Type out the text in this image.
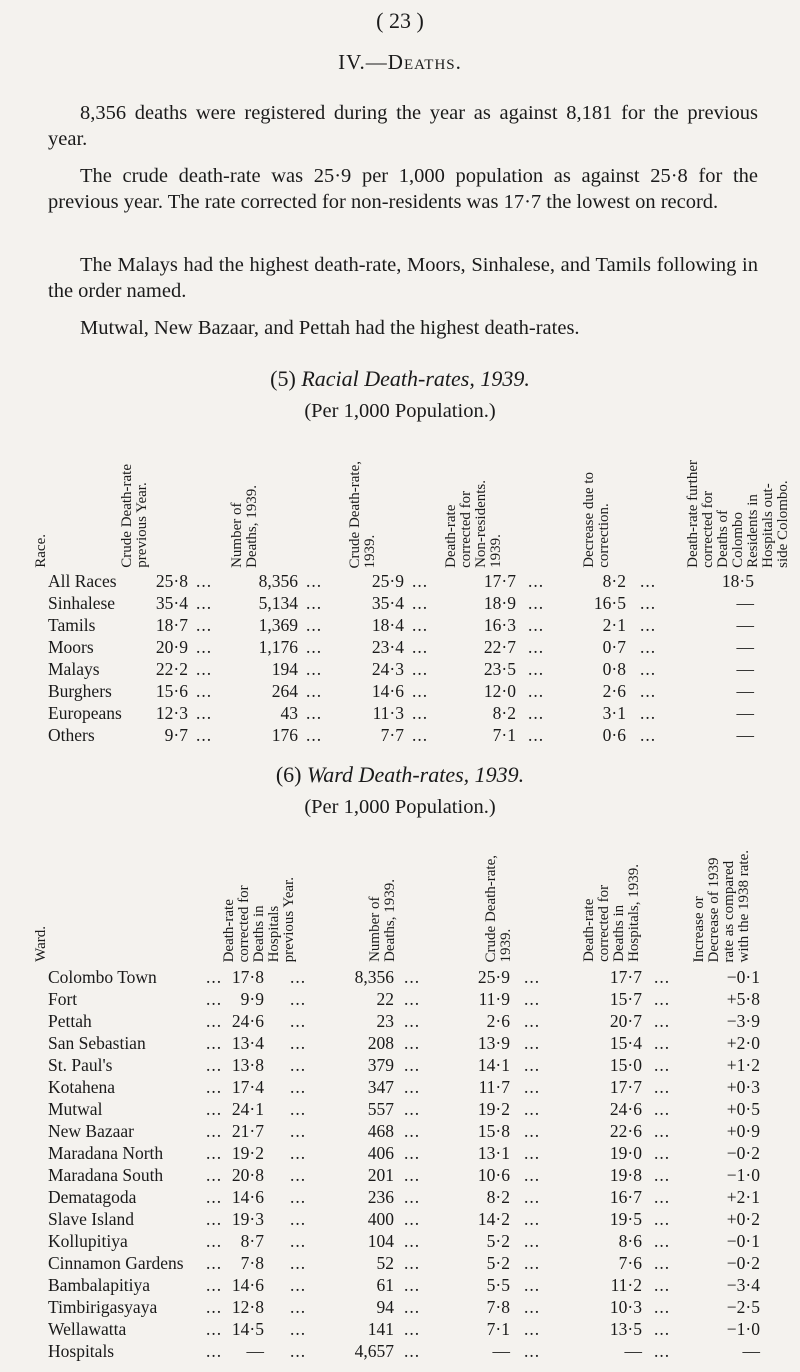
( 23 )
IV.—Deaths.
8,356 deaths were registered during the year as against 8,181 for the previous year.
The crude death-rate was 25·9 per 1,000 population as against 25·8 for the previous year. The rate corrected for non-residents was 17·7 the lowest on record.
The Malays had the highest death-rate, Moors, Sinhalese, and Tamils following in the order named.
Mutwal, New Bazaar, and Pettah had the highest death-rates.
(5) Racial Death-rates, 1939.
(Per 1,000 Population.)
Race.	Crude Death-rate previous Year.	Number of Deaths, 1939.	Crude Death-rate, 1939.	Death-rate corrected for Non-residents. 1939.	Decrease due to correction.	Death-rate further corrected for Deaths of Colombo Residents in Hospitals out- side Colombo.
All Races 25·8	8,356	25·9	17·7	8·2	18·5
...	...	...	...	...
Sinhalese 35·4	5,134	35·4	18·9	16·5	—
...	...	...	...	...
Tamils	18·7	1,369	18·4	16·3	2·1	—
...	...	...	...	...
Moors	20·9	1,176	23·4	22·7	0·7	—
...	...	...	...	...
Malays	22·2	194	24·3	23·5	0·8	—
...	...	...	...	...
Burghers	15·6	264	14·6	12·0	2·6	—
...	...	...	...	...
Europeans 12·3	43	11·3	8·2	3·1	—
...	...	...	...	...
Others	9·7	176	7·7	7·1	0·6	—
...	...	...	...	...
(6) Ward Death-rates, 1939.
(Per 1,000 Population.)
Ward.	Death-rate corrected for Deaths in Hospitals previous Year.	Number of Deaths, 1939.	Crude Death-rate, 1939.	Death-rate corrected for Deaths in Hospitals, 1939.	Increase or Decrease of 1939 rate as compared with the 1938 rate.
Colombo Town	... 17·8	8,356	25·9	17·7	−0·1
...	...	...	...
Fort	... 9·9	22	11·9	15·7	+5·8
...	...	...	...
Pettah	... 24·6	23	2·6	20·7	−3·9
...	...	...	...
San Sebastian	... 13·4	208	13·9	15·4	+2·0
...	...	...	...
St. Paul's	... 13·8	379	14·1	15·0	+1·2
...	...	...	...
Kotahena	... 17·4	347	11·7	17·7	+0·3
...	...	...	...
Mutwal	... 24·1	557	19·2	24·6	+0·5
...	...	...	...
New Bazaar	... 21·7	468	15·8	22·6	+0·9
...	...	...	...
Maradana North ... 19·2	406	13·1	19·0	−0·2
...	...	...	...
Maradana South ... 20·8	201	10·6	19·8	−1·0
...	...	...	...
Dematagoda	... 14·6	236	8·2	16·7	+2·1
...	...	...	...
Slave Island	... 19·3	400	14·2	19·5	+0·2
...	...	...	...
Kollupitiya	... 8·7	104	5·2	8·6	−0·1
...	...	...	...
Cinnamon Gardens ... 7·8	52	5·2	7·6	−0·2
...	...	...	...
Bambalapitiya	... 14·6	61	5·5	11·2	−3·4
...	...	...	...
Timbirigasyaya	... 12·8	94	7·8	10·3	−2·5
...	...	...	...
Wellawatta	... 14·5	141	7·1	13·5	−1·0
...	...	...	...
Hospitals	... —	4,657	—	—	—
...	...	...	...
